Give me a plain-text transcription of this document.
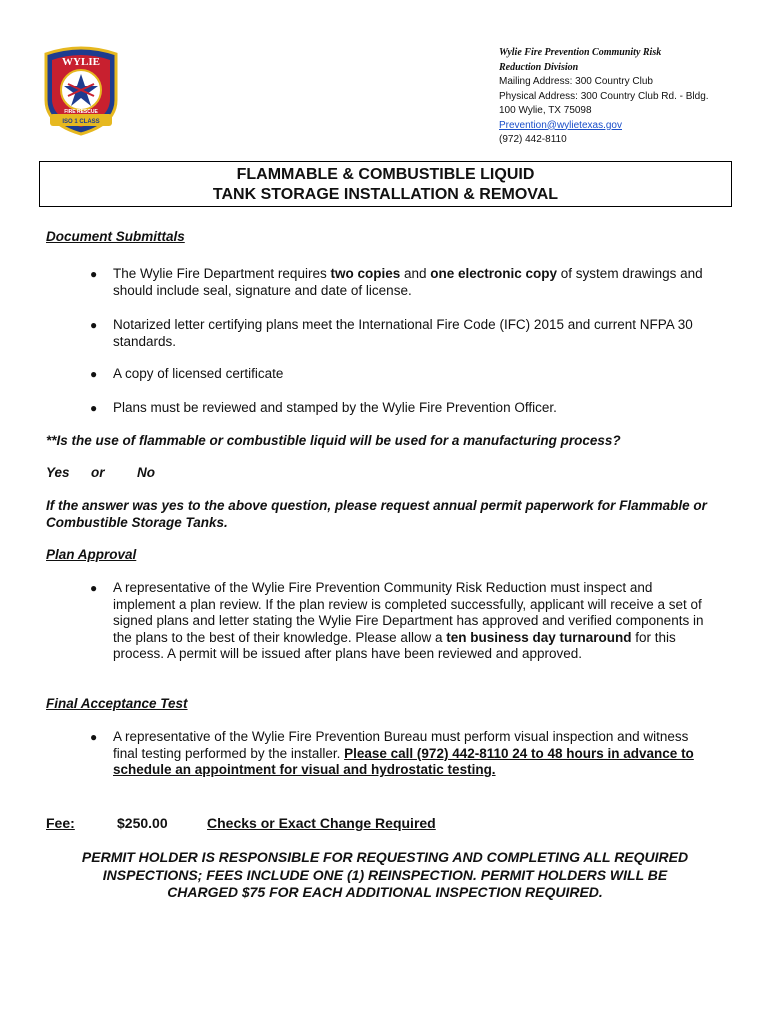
WYLIE
ISO 1 CLASS
FIRE RESCUE
Wylie Fire Prevention Community Risk
Reduction Division
Mailing Address: 300 Country Club
Physical Address: 300 Country Club Rd. - Bldg.
100 Wylie, TX 75098
Prevention@wylietexas.gov
(972) 442-8110
FLAMMABLE & COMBUSTIBLE LIQUID
TANK STORAGE INSTALLATION & REMOVAL
Document Submittals
● The Wylie Fire Department requires two copies and one electronic copy of system drawings and
should include seal, signature and date of license.
● Notarized letter certifying plans meet the International Fire Code (IFC) 2015 and current NFPA 30
standards.
● A copy of licensed certificate
● Plans must be reviewed and stamped by the Wylie Fire Prevention Officer.
**Is the use of flammable or combustible liquid will be used for a manufacturing process?
Yes or No
If the answer was yes to the above question, please request annual permit paperwork for Flammable or
Combustible Storage Tanks.
Plan Approval
● A representative of the Wylie Fire Prevention Community Risk Reduction must inspect and
implement a plan review. If the plan review is completed successfully, applicant will receive a set of
signed plans and letter stating the Wylie Fire Department has approved and verified components in
the plans to the best of their knowledge. Please allow a ten business day turnaround for this
process. A permit will be issued after plans have been reviewed and approved.
Final Acceptance Test
● A representative of the Wylie Fire Prevention Bureau must perform visual inspection and witness
final testing performed by the installer. Please call (972) 442-8110 24 to 48 hours in advance to
schedule an appointment for visual and hydrostatic testing.
Fee:	$250.00	Checks or Exact Change Required
PERMIT HOLDER IS RESPONSIBLE FOR REQUESTING AND COMPLETING ALL REQUIRED
INSPECTIONS; FEES INCLUDE ONE (1) REINSPECTION. PERMIT HOLDERS WILL BE
CHARGED $75 FOR EACH ADDITIONAL INSPECTION REQUIRED.
